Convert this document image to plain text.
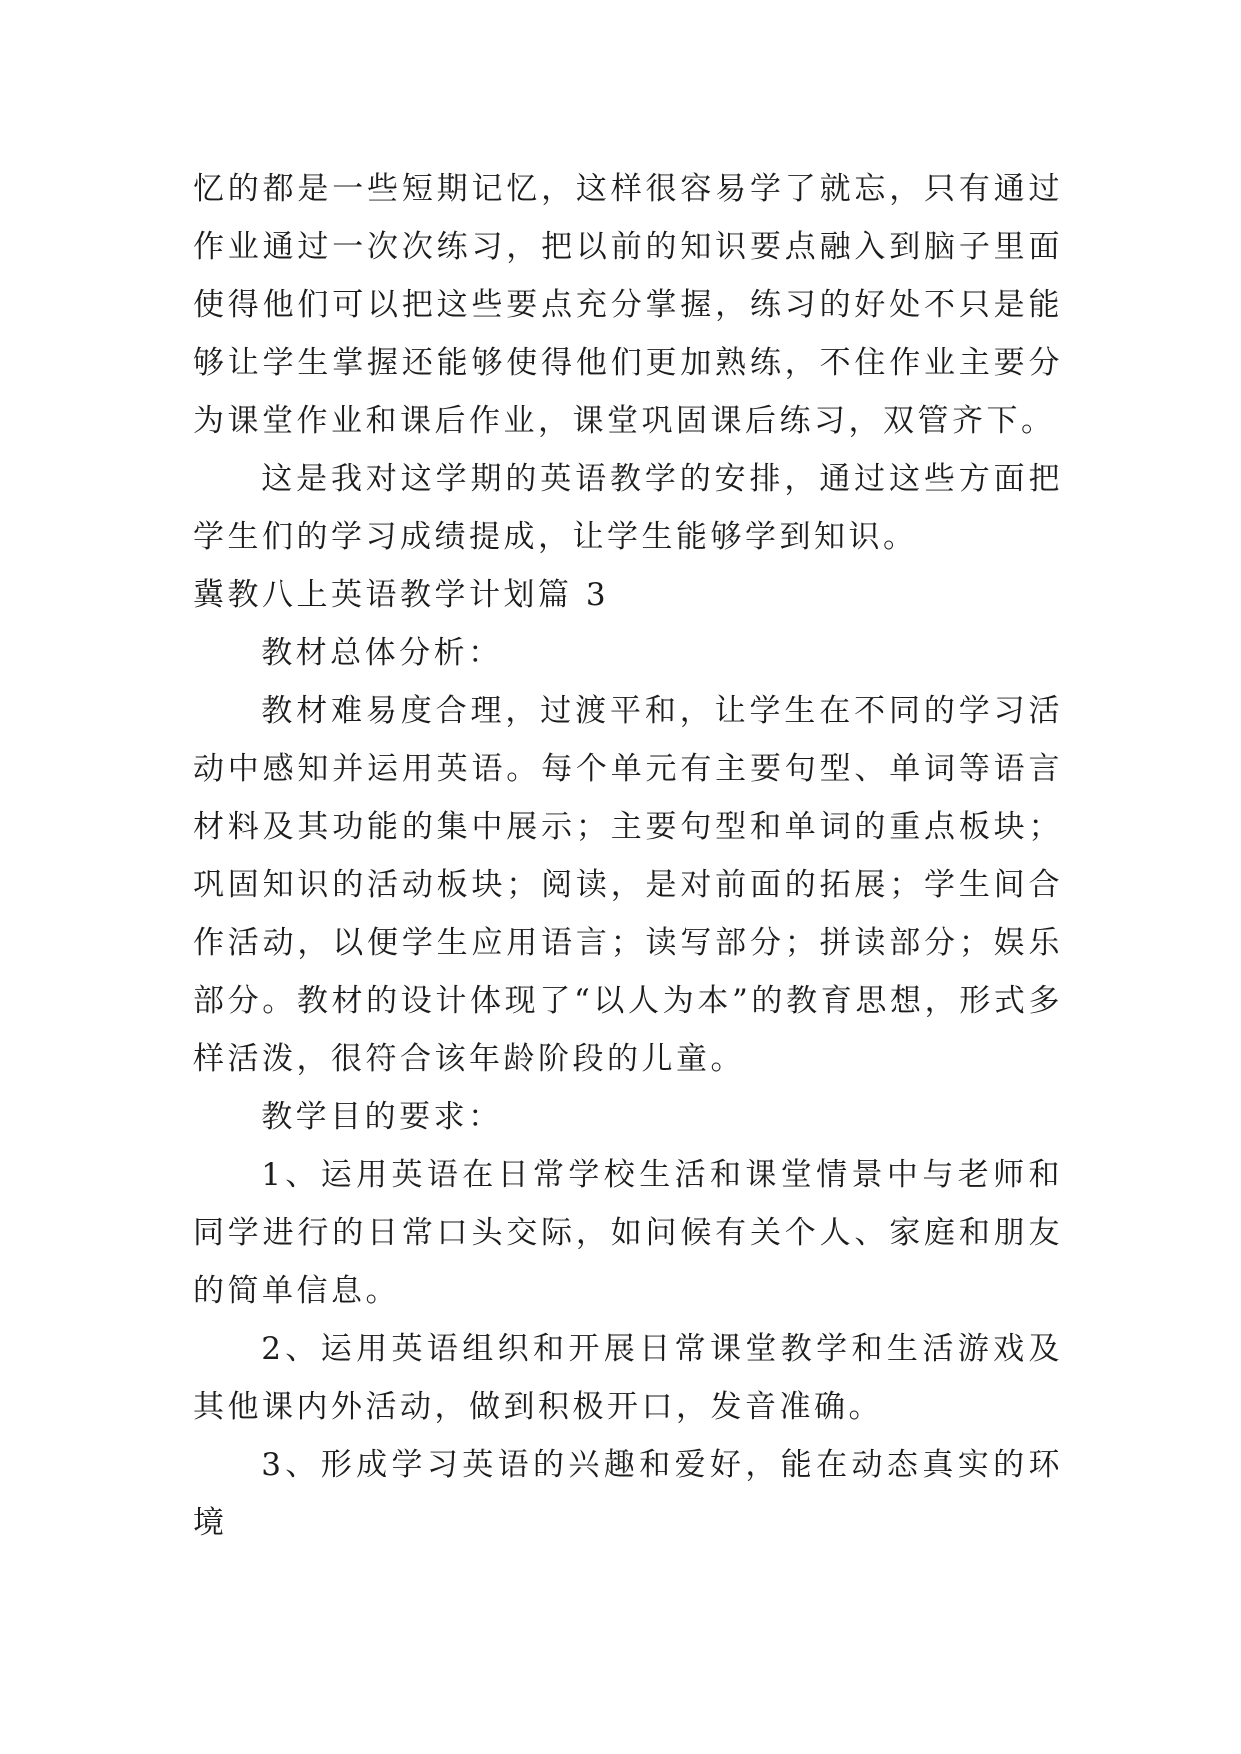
忆的都是一些短期记忆，这样很容易学了就忘，只有通过作业通过一次次练习，把以前的知识要点融入到脑子里面使得他们可以把这些要点充分掌握，练习的好处不只是能够让学生掌握还能够使得他们更加熟练，不住作业主要分为课堂作业和课后作业，课堂巩固课后练习，双管齐下。

这是我对这学期的英语教学的安排，通过这些方面把学生们的学习成绩提成，让学生能够学到知识。

冀教八上英语教学计划篇 3

教材总体分析：

教材难易度合理，过渡平和，让学生在不同的学习活动中感知并运用英语。每个单元有主要句型、单词等语言材料及其功能的集中展示；主要句型和单词的重点板块；巩固知识的活动板块；阅读，是对前面的拓展；学生间合作活动，以便学生应用语言；读写部分；拼读部分；娱乐部分。教材的设计体现了“以人为本”的教育思想，形式多样活泼，很符合该年龄阶段的儿童。

教学目的要求：

1、运用英语在日常学校生活和课堂情景中与老师和同学进行的日常口头交际，如问候有关个人、家庭和朋友的简单信息。

2、运用英语组织和开展日常课堂教学和生活游戏及其他课内外活动，做到积极开口，发音准确。

3、形成学习英语的兴趣和爱好，能在动态真实的环境
